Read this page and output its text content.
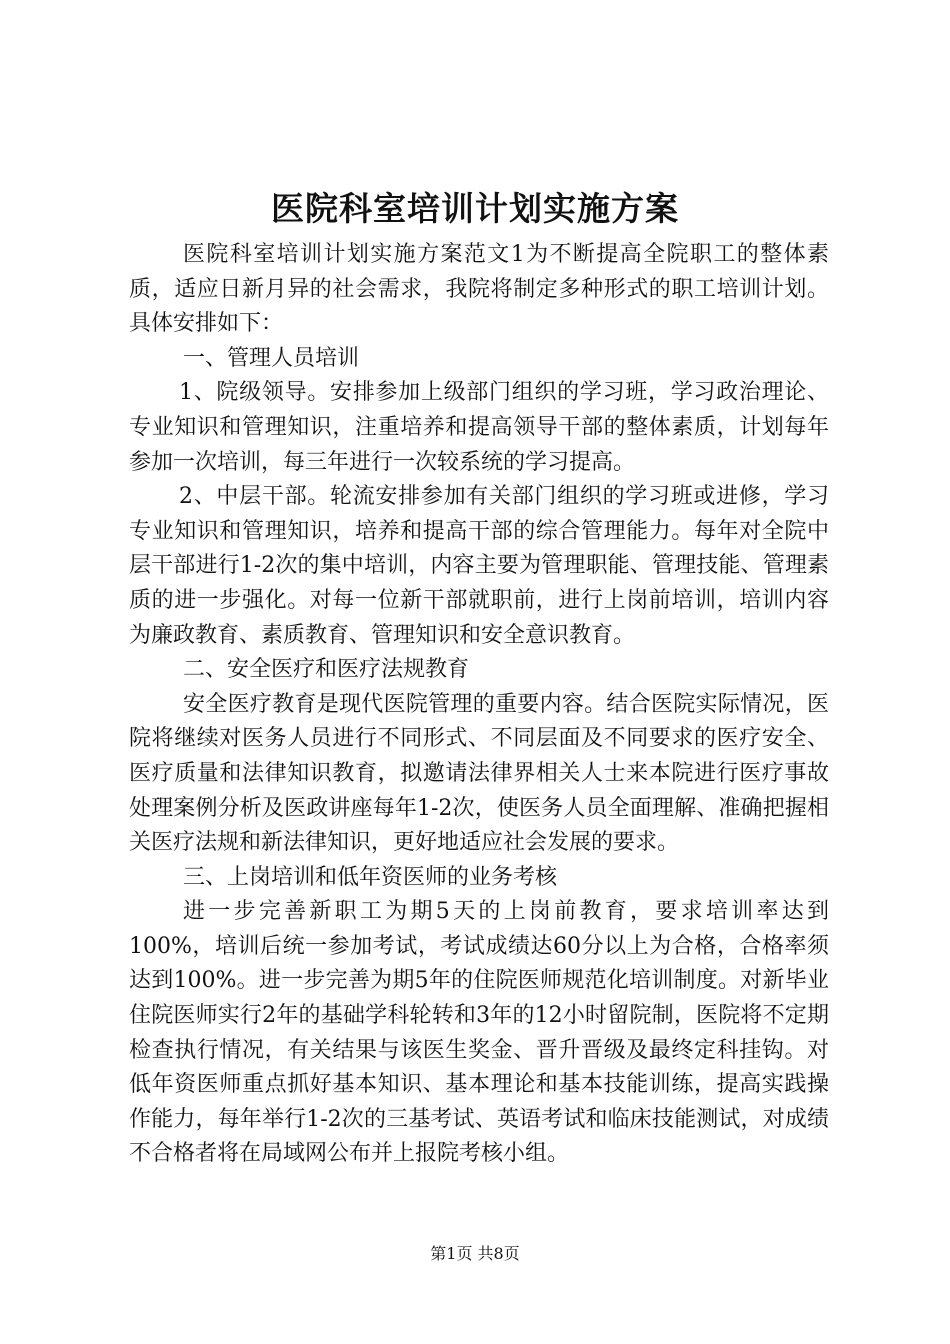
医院科室培训计划实施方案

医院科室培训计划实施方案范文1为不断提高全院职工的整体素质，适应日新月异的社会需求，我院将制定多种形式的职工培训计划。具体安排如下：

一、管理人员培训

1、院级领导。安排参加上级部门组织的学习班，学习政治理论、专业知识和管理知识，注重培养和提高领导干部的整体素质，计划每年参加一次培训，每三年进行一次较系统的学习提高。

2、中层干部。轮流安排参加有关部门组织的学习班或进修，学习专业知识和管理知识，培养和提高干部的综合管理能力。每年对全院中层干部进行1-2次的集中培训，内容主要为管理职能、管理技能、管理素质的进一步强化。对每一位新干部就职前，进行上岗前培训，培训内容为廉政教育、素质教育、管理知识和安全意识教育。

二、安全医疗和医疗法规教育

安全医疗教育是现代医院管理的重要内容。结合医院实际情况，医院将继续对医务人员进行不同形式、不同层面及不同要求的医疗安全、医疗质量和法律知识教育，拟邀请法律界相关人士来本院进行医疗事故处理案例分析及医政讲座每年1-2次，使医务人员全面理解、准确把握相关医疗法规和新法律知识，更好地适应社会发展的要求。

三、上岗培训和低年资医师的业务考核

进一步完善新职工为期5天的上岗前教育，要求培训率达到100%，培训后统一参加考试，考试成绩达60分以上为合格，合格率须达到100%。进一步完善为期5年的住院医师规范化培训制度。对新毕业住院医师实行2年的基础学科轮转和3年的12小时留院制，医院将不定期检查执行情况，有关结果与该医生奖金、晋升晋级及最终定科挂钩。对低年资医师重点抓好基本知识、基本理论和基本技能训练，提高实践操作能力，每年举行1-2次的三基考试、英语考试和临床技能测试，对成绩不合格者将在局域网公布并上报院考核小组。

第1页 共8页
